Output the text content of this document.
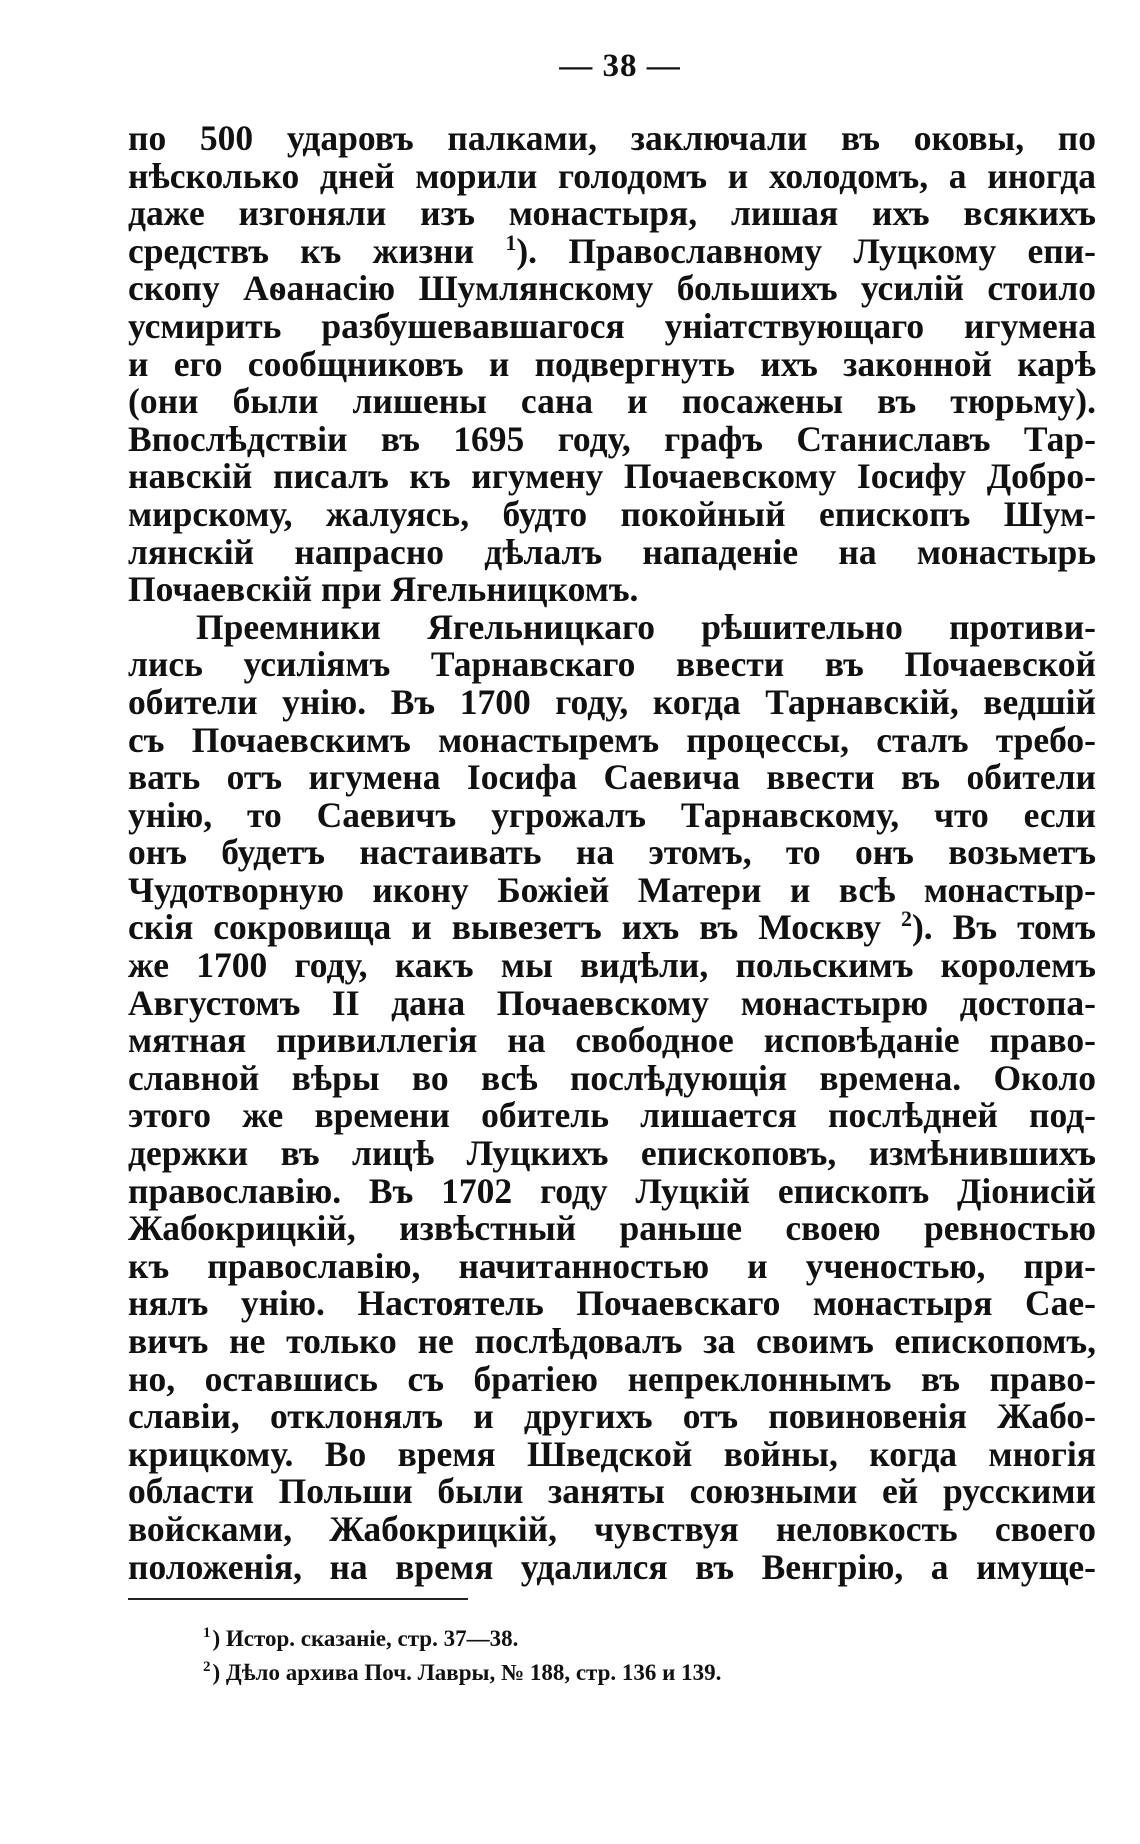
— 38 —
по 500 ударовъ палками, заключали въ оковы, по
нѣсколько дней морили голодомъ и холодомъ, а иногда
даже изгоняли изъ монастыря, лишая ихъ всякихъ
средствъ къ жизни $^1$). Православному Луцкому епи-
скопу Аѳанасію Шумлянскому большихъ усилій стоило
усмирить разбушевавшагося уніатствующаго игумена
и его сообщниковъ и подвергнуть ихъ законной карѣ
(они были лишены сана и посажены въ тюрьму).
Впослѣдствіи въ 1695 году, графъ Станиславъ Тар-
навскій писалъ къ игумену Почаевскому Іосифу Добро-
мирскому, жалуясь, будто покойный епископъ Шум-
лянскій напрасно дѣлалъ нападеніе на монастырь
Почаевскій при Ягельницкомъ.
Преемники Ягельницкаго рѣшительно противи-
лись усиліямъ Тарнавскаго ввести въ Почаевской
обители унію. Въ 1700 году, когда Тарнавскій, ведшій
съ Почаевскимъ монастыремъ процессы, сталъ требо-
вать отъ игумена Іосифа Саевича ввести въ обители
унію, то Саевичъ угрожалъ Тарнавскому, что если
онъ будетъ настаивать на этомъ, то онъ возьметъ
Чудотворную икону Божіей Матери и всѣ монастыр-
скія сокровища и вывезетъ ихъ въ Москву $^2$). Въ томъ
же 1700 году, какъ мы видѣли, польскимъ королемъ
Августомъ II дана Почаевскому монастырю достопа-
мятная привиллегія на свободное исповѣданіе право-
славной вѣры во всѣ послѣдующія времена. Около
этого же времени обитель лишается послѣдней под-
держки въ лицѣ Луцкихъ епископовъ, измѣнившихъ
православію. Въ 1702 году Луцкій епископъ Діонисій
Жабокрицкій, извѣстный раньше своею ревностью
къ православію, начитанностью и ученостью, при-
нялъ унію. Настоятель Почаевскаго монастыря Сае-
вичъ не только не послѣдовалъ за своимъ епископомъ,
но, оставшись съ братіею непреклоннымъ въ право-
славіи, отклонялъ и другихъ отъ повиновенія Жабо-
крицкому. Во время Шведской войны, когда многія
области Польши были заняты союзными ей русскими
войсками, Жабокрицкій, чувствуя неловкость своего
положенія, на время удалился въ Венгрію, а имуще-
$^1$) Истор. сказаніе, стр. 37—38.
$^2$) Дѣло архива Поч. Лавры, № 188, стр. 136 и 139.
